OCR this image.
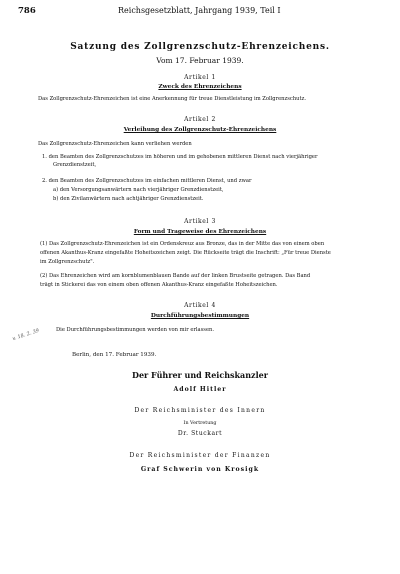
786	Reichsgesetzblatt, Jahrgang 1939, Teil I
Satzung des Zollgrenzschutz-Ehrenzeichens.
Vom 17. Februar 1939.
Artikel 1
Zweck des Ehrenzeichens
Das Zollgrenzschutz-Ehrenzeichen ist eine Anerkennung für treue Dienstleistung im Zollgrenzschutz.
Artikel 2
Verleihung des Zollgrenzschutz-Ehrenzeichens
Das Zollgrenzschutz-Ehrenzeichen kann verliehen werden
1. den Beamten des Zollgrenzschutzes im höheren und im gehobenen mittleren Dienst nach vierjähriger
Grenzdienstzeit,
2. den Beamten des Zollgrenzschutzes im einfachen mittleren Dienst, und zwar
a) den Versorgungsanwärtern nach vierjähriger Grenzdienstzeit,
b) den Zivilanwärtern nach achtjähriger Grenzdienstzeit.
Artikel 3
Form und Trageweise des Ehrenzeichens
(1) Das Zollgrenzschutz-Ehrenzeichen ist ein Ordenskreuz aus Bronze, das in der Mitte das von einem oben
offenen Akanthus-Kranz eingefaßte Hoheitszeichen zeigt. Die Rückseite trägt die Inschrift: „Für treue Dienste
im Zollgrenzschutz".
(2) Das Ehrenzeichen wird am kornblumenblauen Bande auf der linken Brustseite getragen. Das Band
trägt in Stickerei das von einem oben offenen Akanthus-Kranz eingefaßte Hoheitszeichen.
Artikel 4
Durchführungsbestimmungen
Die Durchführungsbestimmungen werden von mir erlassen.
Berlin, den 17. Februar 1939.
Der Führer und Reichskanzler
Adolf Hitler
Der Reichsminister des Innern
In Vertretung
Dr. Stuckart
Der Reichsminister der Finanzen
Graf Schwerin von Krosigk
v. 18. 2. 39
